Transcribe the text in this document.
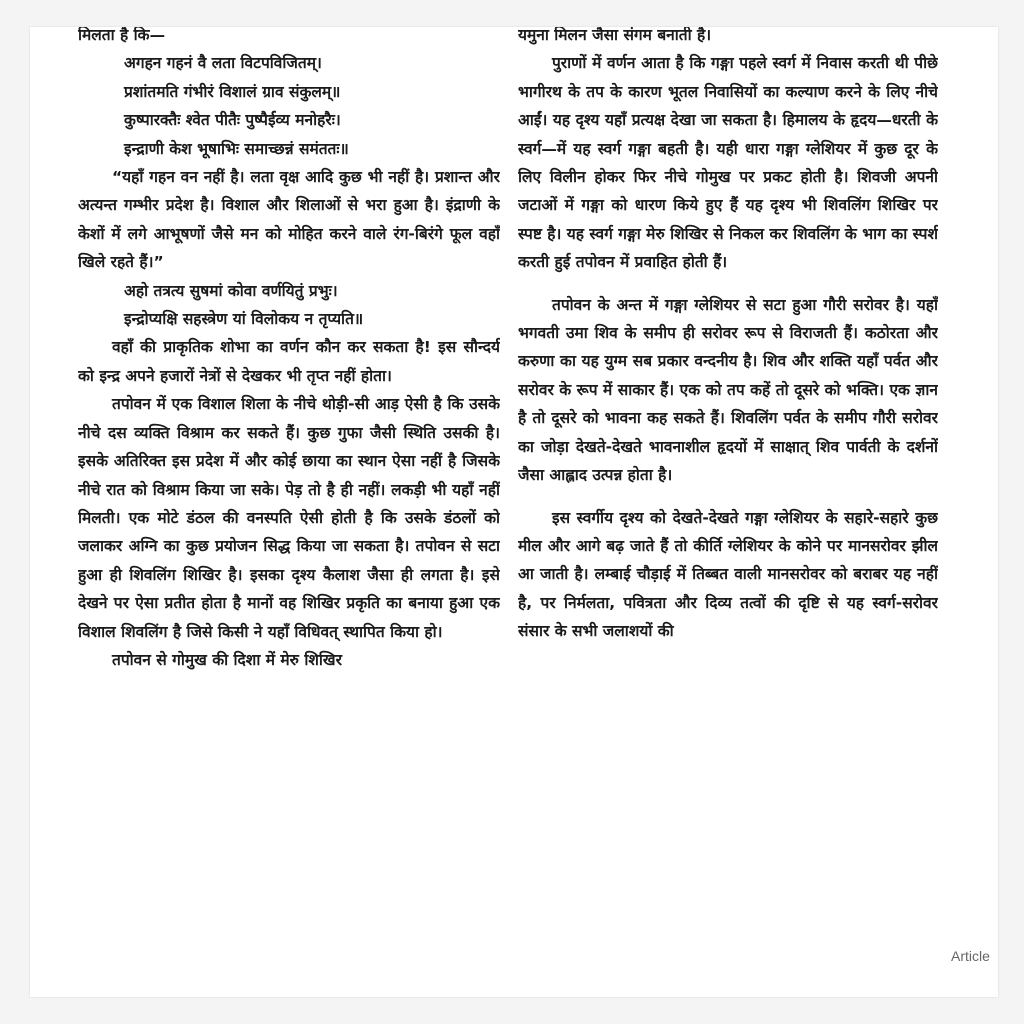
मिलता है कि—

अगहन गहनं वै लता विटपविजितम्।
प्रशांतमति गंभीरं विशालं ग्राव संकुलम्॥
कुष्पारक्तैः श्वेत पीतैः पुष्पैर्ईव्य मनोहरैः।
इन्द्राणी केश भूषाभिः समाच्छन्नं समंततः॥

“यहाँ गहन वन नहीं है। लता वृक्ष आदि कुछ भी नहीं है। प्रशान्त और अत्यन्त गम्भीर प्रदेश है। विशाल और शिलाओं से भरा हुआ है। इंद्राणी के केशों में लगे आभूषणों जैसे मन को मोहित करने वाले रंग-बिरंगे फूल वहाँ खिले रहते हैं।”

अहो तत्रत्य सुषमां कोवा वर्णयितुं प्रभुः।
इन्द्रोप्यक्षि सहस्त्रेण यां विलोकय न तृप्यति॥

वहाँ की प्राकृतिक शोभा का वर्णन कौन कर सकता है! इस सौन्दर्य को इन्द्र अपने हजारों नेत्रों से देखकर भी तृप्त नहीं होता।

तपोवन में एक विशाल शिला के नीचे थोड़ी-सी आड़ ऐसी है कि उसके नीचे दस व्यक्ति विश्राम कर सकते हैं। कुछ गुफा जैसी स्थिति उसकी है। इसके अतिरिक्त इस प्रदेश में और कोई छाया का स्थान ऐसा नहीं है जिसके नीचे रात को विश्राम किया जा सके। पेड़ तो है ही नहीं। लकड़ी भी यहाँ नहीं मिलती। एक मोटे डंठल की वनस्पति ऐसी होती है कि उसके डंठलों को जलाकर अग्नि का कुछ प्रयोजन सिद्ध किया जा सकता है। तपोवन से सटा हुआ ही शिवलिंग शिखिर है। इसका दृश्य कैलाश जैसा ही लगता है। इसे देखने पर ऐसा प्रतीत होता है मानों वह शिखिर प्रकृति का बनाया हुआ एक विशाल शिवलिंग है जिसे किसी ने यहाँ विधिवत् स्थापित किया हो।

तपोवन से गोमुख की दिशा में मेरु शिखिर

यमुना मिलन जैसा संगम बनाती है।

पुराणों में वर्णन आता है कि गङ्गा पहले स्वर्ग में निवास करती थी पीछे भागीरथ के तप के कारण भूतल निवासियों का कल्याण करने के लिए नीचे आईं। यह दृश्य यहाँ प्रत्यक्ष देखा जा सकता है। हिमालय के हृदय—धरती के स्वर्ग—में यह स्वर्ग गङ्गा बहती है। यही धारा गङ्गा ग्लेशियर में कुछ दूर के लिए विलीन होकर फिर नीचे गोमुख पर प्रकट होती है। शिवजी अपनी जटाओं में गङ्गा को धारण किये हुए हैं यह दृश्य भी शिवलिंग शिखिर पर स्पष्ट है। यह स्वर्ग गङ्गा मेरु शिखिर से निकल कर शिवलिंग के भाग का स्पर्श करती हुई तपोवन में प्रवाहित होती हैं।

तपोवन के अन्त में गङ्गा ग्लेशियर से सटा हुआ गौरी सरोवर है। यहाँ भगवती उमा शिव के समीप ही सरोवर रूप से विराजती हैं। कठोरता और करुणा का यह युग्म सब प्रकार वन्दनीय है। शिव और शक्ति यहाँ पर्वत और सरोवर के रूप में साकार हैं। एक को तप कहें तो दूसरे को भक्ति। एक ज्ञान है तो दूसरे को भावना कह सकते हैं। शिवलिंग पर्वत के समीप गौरी सरोवर का जोड़ा देखते-देखते भावनाशील हृदयों में साक्षात् शिव पार्वती के दर्शनों जैसा आह्लाद उत्पन्न होता है।

इस स्वर्गीय दृश्य को देखते-देखते गङ्गा ग्लेशियर के सहारे-सहारे कुछ मील और आगे बढ़ जाते हैं तो कीर्ति ग्लेशियर के कोने पर मानसरोवर झील आ जाती है। लम्बाई चौड़ाई में तिब्बत वाली मानसरोवर को बराबर यह नहीं है, पर निर्मलता, पवित्रता और दिव्य तत्वों की दृष्टि से यह स्वर्ग-सरोवर संसार के सभी जलाशयों की

Article
